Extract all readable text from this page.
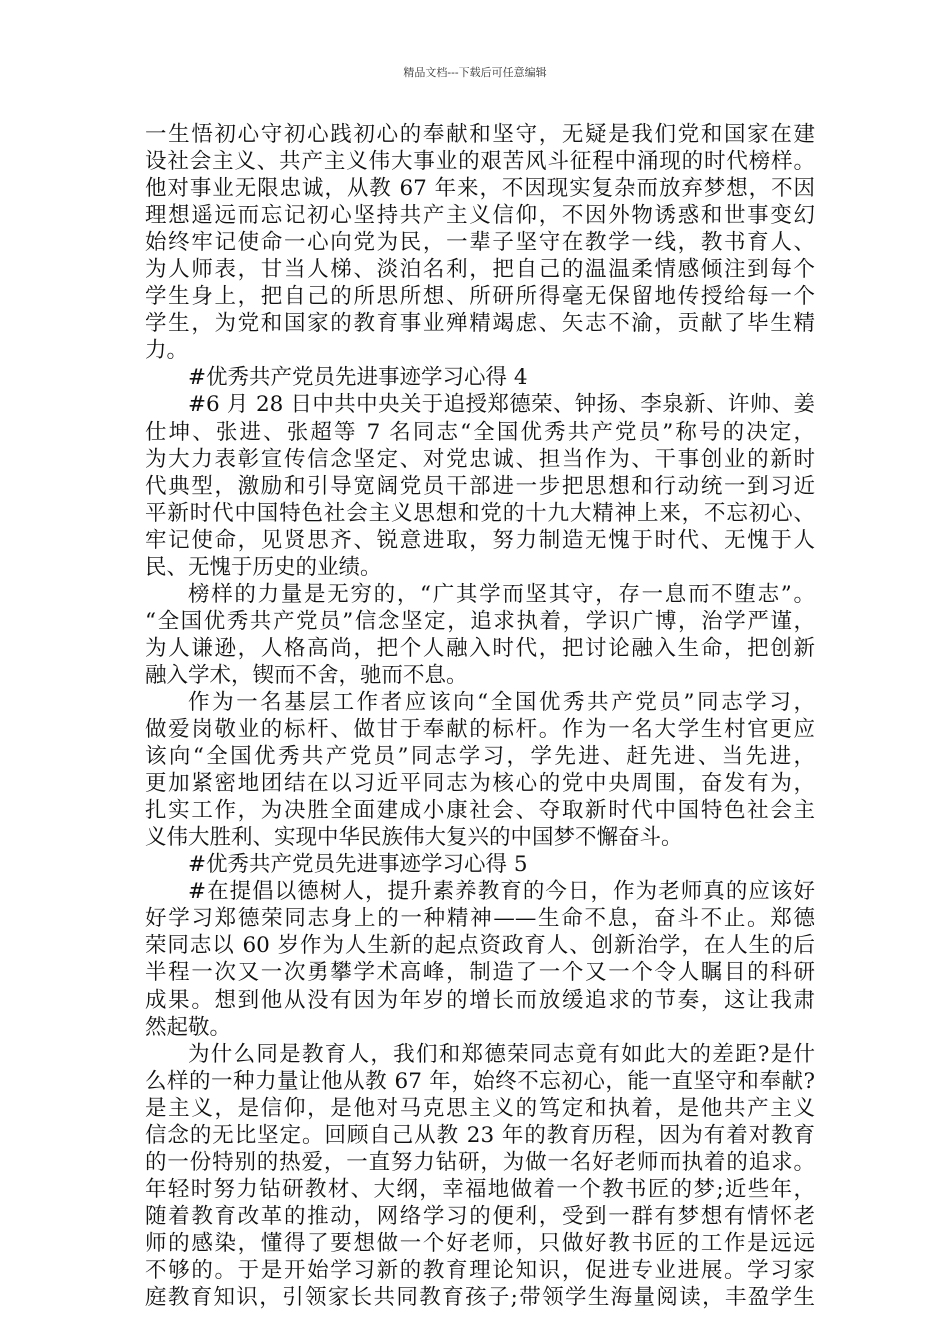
精品文档---下载后可任意编辑
一生悟初心守初心践初心的奉献和坚守，无疑是我们党和国家在建
设社会主义、共产主义伟大事业的艰苦风斗征程中涌现的时代榜样。
他对事业无限忠诚，从教 67 年来，不因现实复杂而放弃梦想，不因
理想遥远而忘记初心坚持共产主义信仰，不因外物诱惑和世事变幻
始终牢记使命一心向党为民，一辈子坚守在教学一线，教书育人、
为人师表，甘当人梯、淡泊名利，把自己的温温柔情感倾注到每个
学生身上，把自己的所思所想、所研所得毫无保留地传授给每一个
学生，为党和国家的教育事业殚精竭虑、矢志不渝，贡献了毕生精
力。
#优秀共产党员先进事迹学习心得 4
#6 月 28 日中共中央关于追授郑德荣、钟扬、李泉新、许帅、姜
仕坤、张进、张超等 7 名同志“全国优秀共产党员”称号的决定，
为大力表彰宣传信念坚定、对党忠诚、担当作为、干事创业的新时
代典型，激励和引导宽阔党员干部进一步把思想和行动统一到习近
平新时代中国特色社会主义思想和党的十九大精神上来，不忘初心、
牢记使命，见贤思齐、锐意进取，努力制造无愧于时代、无愧于人
民、无愧于历史的业绩。
榜样的力量是无穷的，“广其学而坚其守，存一息而不堕志”。
“全国优秀共产党员”信念坚定，追求执着，学识广博，治学严谨，
为人谦逊，人格高尚，把个人融入时代，把讨论融入生命，把创新
融入学术，锲而不舍，驰而不息。
作为一名基层工作者应该向“全国优秀共产党员”同志学习，
做爱岗敬业的标杆、做甘于奉献的标杆。作为一名大学生村官更应
该向“全国优秀共产党员”同志学习，学先进、赶先进、当先进，
更加紧密地团结在以习近平同志为核心的党中央周围，奋发有为，
扎实工作，为决胜全面建成小康社会、夺取新时代中国特色社会主
义伟大胜利、实现中华民族伟大复兴的中国梦不懈奋斗。
#优秀共产党员先进事迹学习心得 5
#在提倡以德树人，提升素养教育的今日，作为老师真的应该好
好学习郑德荣同志身上的一种精神——生命不息，奋斗不止。郑德
荣同志以 60 岁作为人生新的起点资政育人、创新治学，在人生的后
半程一次又一次勇攀学术高峰，制造了一个又一个令人瞩目的科研
成果。想到他从没有因为年岁的增长而放缓追求的节奏，这让我肃
然起敬。
为什么同是教育人，我们和郑德荣同志竟有如此大的差距?是什
么样的一种力量让他从教 67 年，始终不忘初心，能一直坚守和奉献?
是主义，是信仰，是他对马克思主义的笃定和执着，是他共产主义
信念的无比坚定。回顾自己从教 23 年的教育历程，因为有着对教育
的一份特别的热爱，一直努力钻研，为做一名好老师而执着的追求。
年轻时努力钻研教材、大纲，幸福地做着一个教书匠的梦;近些年，
随着教育改革的推动，网络学习的便利，受到一群有梦想有情怀老
师的感染，懂得了要想做一个好老师，只做好教书匠的工作是远远
不够的。于是开始学习新的教育理论知识，促进专业进展。学习家
庭教育知识，引领家长共同教育孩子;带领学生海量阅读，丰盈学生
